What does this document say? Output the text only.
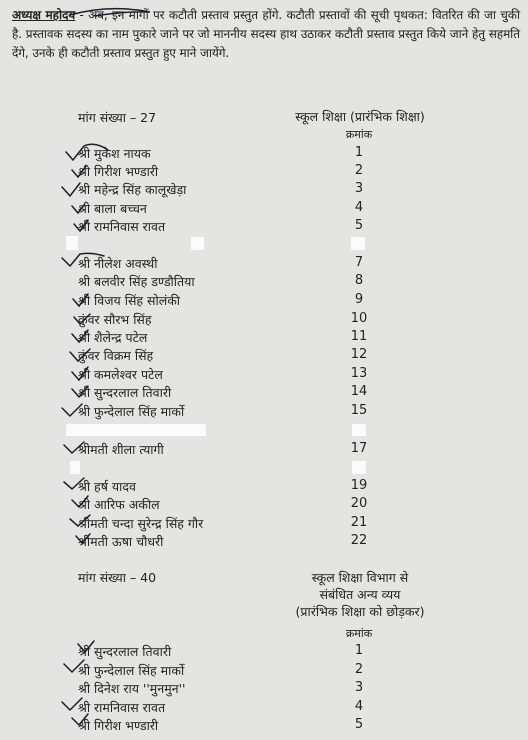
अध्यक्ष महोदय - अब, इन मांगों पर कटौती प्रस्ताव प्रस्तुत होंगे. कटौती प्रस्तावों की सूची पृथकत: वितरित की जा चुकी है. प्रस्तावक सदस्य का नाम पुकारे जाने पर जो माननीय सदस्य हाथ उठाकर कटौती प्रस्ताव प्रस्तुत किये जाने हेतु सहमति देंगे, उनके ही कटौती प्रस्ताव प्रस्तुत हुए माने जायेंगे.
मांग संख्या – 27	स्कूल शिक्षा (प्रारंभिक शिक्षा)
क्रमांक
श्री मुकेश नायक	1
श्री गिरीश भण्डारी	2
श्री महेन्द्र सिंह कालूखेड़ा	3
श्री बाला बच्चन	4
श्री रामनिवास रावत	5
श्री नीलेश अवस्थी	7
श्री बलवीर सिंह डण्डौतिया	8
श्री विजय सिंह सोलंकी	9
कुंवर सौरभ सिंह	10
श्री शैलेन्द्र पटेल	11
कुंवर विक्रम सिंह	12
श्री कमलेश्वर पटेल	13
श्री सुन्दरलाल तिवारी	14
श्री फुन्देलाल सिंह मार्को	15
श्रीमती शीला त्यागी	17
श्री हर्ष यादव	19
श्री आरिफ अकील	20
श्रीमती चन्दा सुरेन्द्र सिंह गौर	21
श्रीमती ऊषा चौधरी	22
मांग संख्या – 40	स्कूल शिक्षा विभाग से
संबंधित अन्य व्यय
(प्रारंभिक शिक्षा को छोड़कर)
क्रमांक
श्री सुन्दरलाल तिवारी	1
श्री फुन्देलाल सिंह मार्को	2
श्री दिनेश राय ''मुनमुन''	3
श्री रामनिवास रावत	4
श्री गिरीश भण्डारी	5
